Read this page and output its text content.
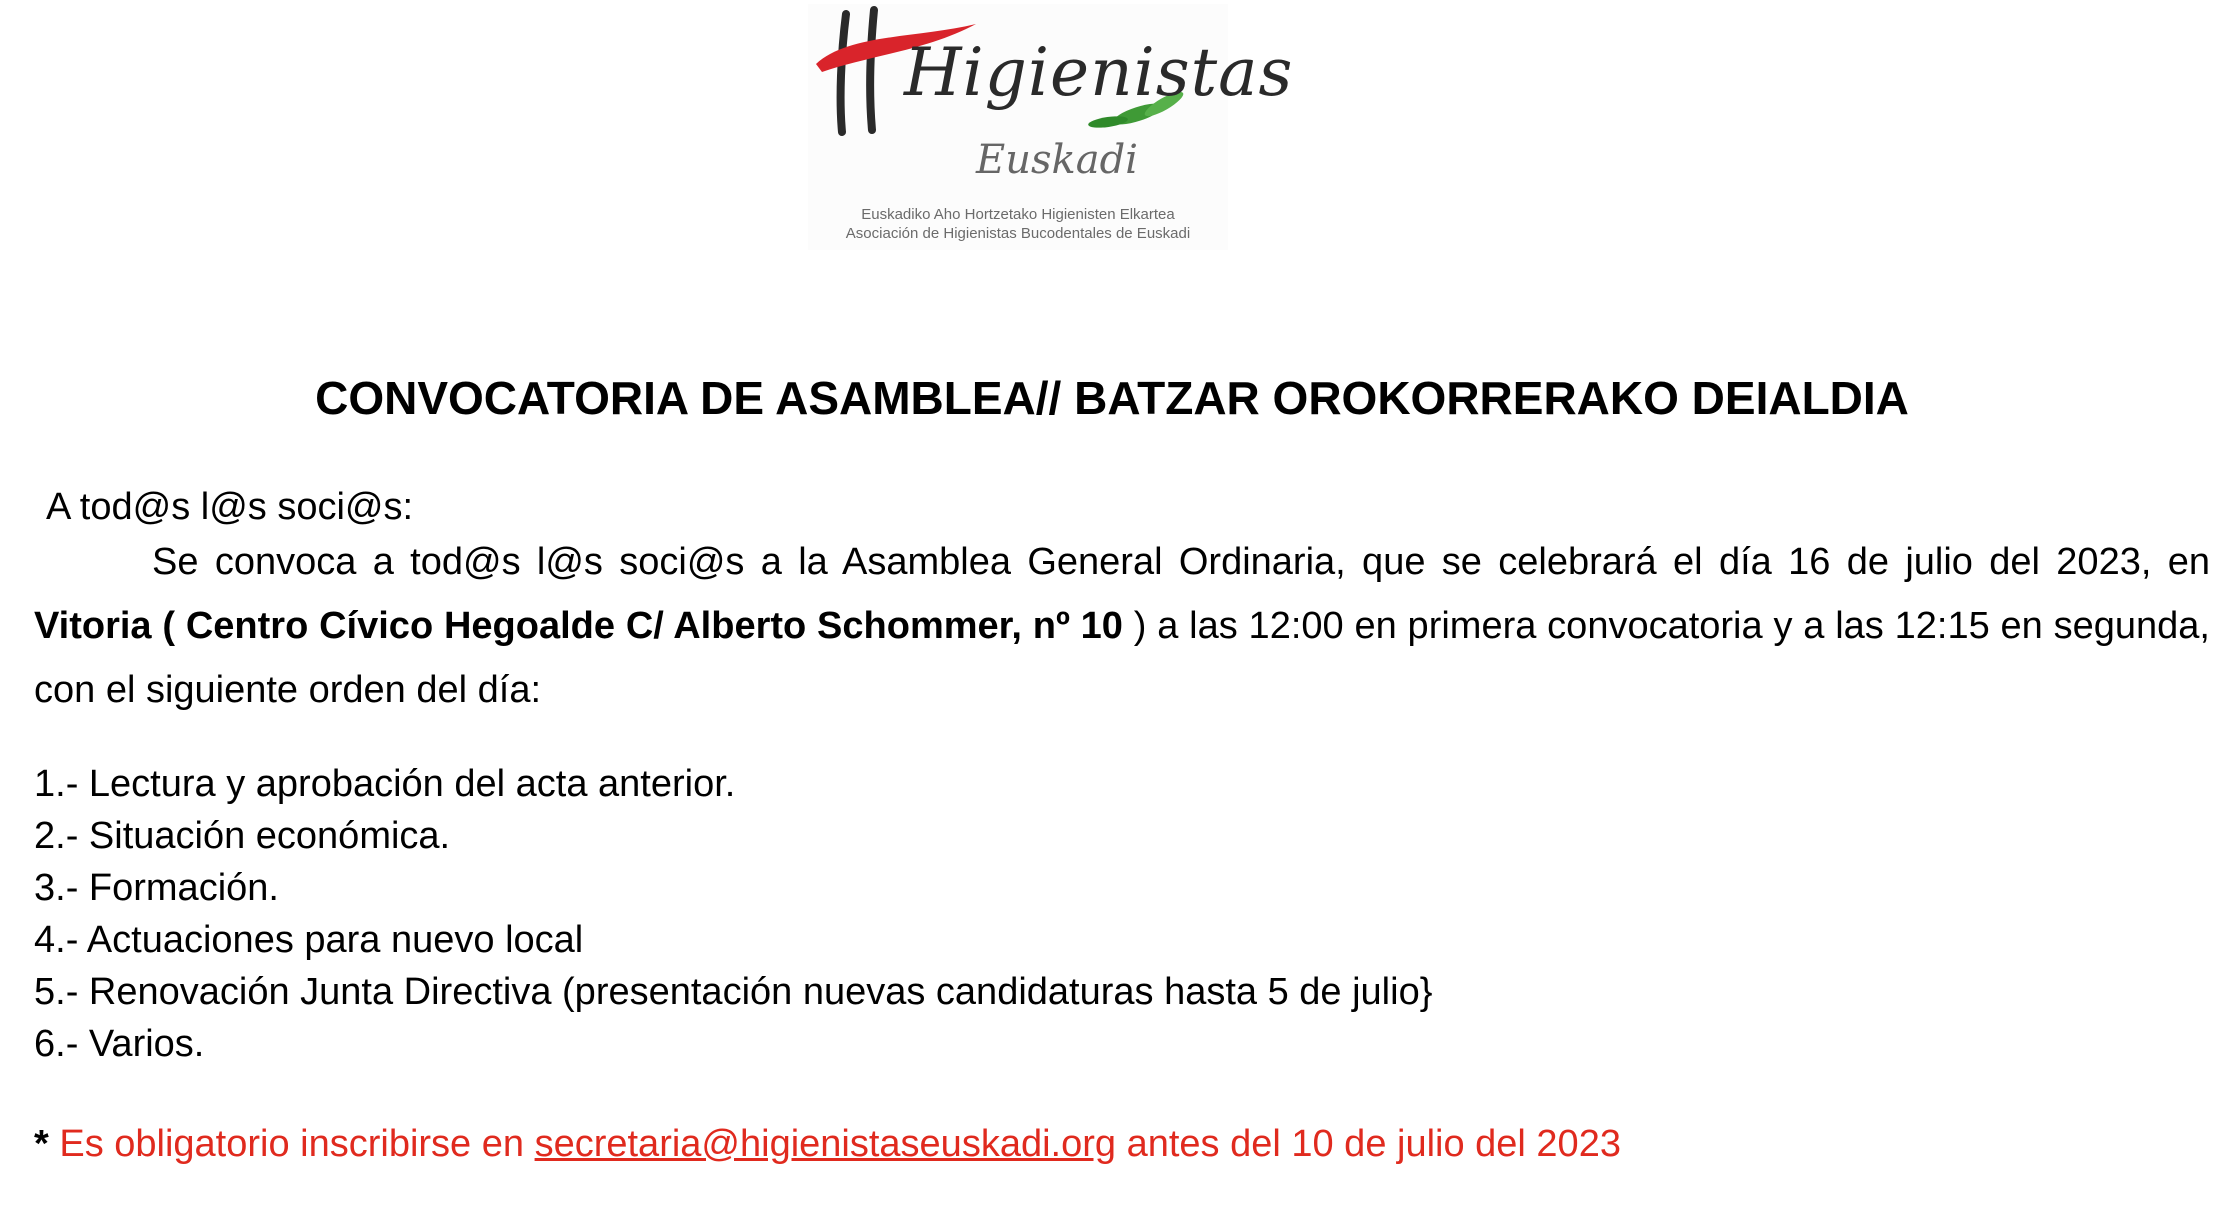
Higienistas
Euskadi
Euskadiko Aho Hortzetako Higienisten Elkartea
Asociación de Higienistas Bucodentales de Euskadi
CONVOCATORIA DE ASAMBLEA// BATZAR OROKORRERAKO DEIALDIA
A tod@s l@s soci@s:
Se convoca a tod@s l@s soci@s a la Asamblea General Ordinaria, que se celebrará el día 16 de julio del 2023, en Vitoria ( Centro Cívico Hegoalde C/ Alberto Schommer, nº 10 ) a las 12:00 en primera convocatoria y a las 12:15 en segunda, con el siguiente orden del día:
1.- Lectura y aprobación del acta anterior.
2.- Situación económica.
3.- Formación.
4.- Actuaciones para nuevo local
5.- Renovación Junta Directiva (presentación nuevas candidaturas hasta 5 de julio}
6.- Varios.
* Es obligatorio inscribirse en secretaria@higienistaseuskadi.org antes del 10 de julio del 2023
